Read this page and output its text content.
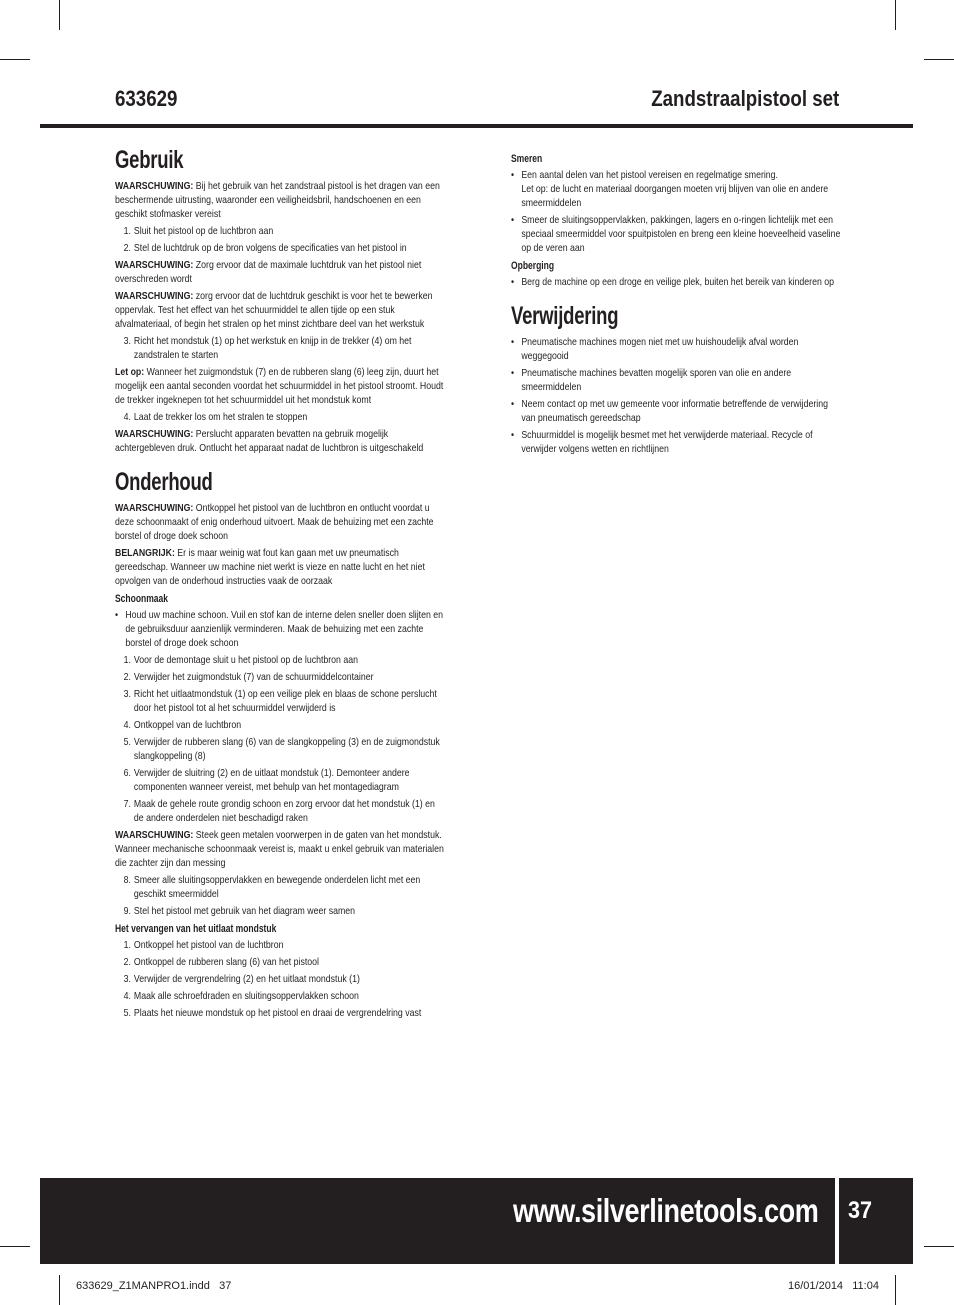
633629	Zandstraalpistool set
Gebruik

WAARSCHUWING: Bij het gebruik van het zandstraal pistool is het dragen van een beschermende uitrusting, waaronder een veiligheidsbril, handschoenen en een geschikt stofmasker vereist

1. Sluit het pistool op de luchtbron aan
2. Stel de luchtdruk op de bron volgens de specificaties van het pistool in

WAARSCHUWING: Zorg ervoor dat de maximale luchtdruk van het pistool niet overschreden wordt

WAARSCHUWING: zorg ervoor dat de luchtdruk geschikt is voor het te bewerken oppervlak. Test het effect van het schuurmiddel te allen tijde op een stuk afvalmateriaal, of begin het stralen op het minst zichtbare deel van het werkstuk

3. Richt het mondstuk (1) op het werkstuk en knijp in de trekker (4) om het zandstralen te starten

Let op: Wanneer het zuigmondstuk (7) en de rubberen slang (6) leeg zijn, duurt het mogelijk een aantal seconden voordat het schuurmiddel in het pistool stroomt. Houdt de trekker ingeknepen tot het schuurmiddel uit het mondstuk komt

4. Laat de trekker los om het stralen te stoppen

WAARSCHUWING: Perslucht apparaten bevatten na gebruik mogelijk achtergebleven druk. Ontlucht het apparaat nadat de luchtbron is uitgeschakeld

Onderhoud

WAARSCHUWING: Ontkoppel het pistool van de luchtbron en ontlucht voordat u deze schoonmaakt of enig onderhoud uitvoert. Maak de behuizing met een zachte borstel of droge doek schoon

BELANGRIJK: Er is maar weinig wat fout kan gaan met uw pneumatisch gereedschap. Wanneer uw machine niet werkt is vieze en natte lucht en het niet opvolgen van de onderhoud instructies vaak de oorzaak

Schoonmaak
• Houd uw machine schoon. Vuil en stof kan de interne delen sneller doen slijten en de gebruiksduur aanzienlijk verminderen. Maak de behuizing met een zachte borstel of droge doek schoon
1. Voor de demontage sluit u het pistool op de luchtbron aan
2. Verwijder het zuigmondstuk (7) van de schuurmiddelcontainer
3. Richt het uitlaatmondstuk (1) op een veilige plek en blaas de schone perslucht door het pistool tot al het schuurmiddel verwijderd is
4. Ontkoppel van de luchtbron
5. Verwijder de rubberen slang (6) van de slangkoppeling (3) en de zuigmondstuk slangkoppeling (8)
6. Verwijder de sluitring (2) en de uitlaat mondstuk (1). Demonteer andere componenten wanneer vereist, met behulp van het montagediagram
7. Maak de gehele route grondig schoon en zorg ervoor dat het mondstuk (1) en de andere onderdelen niet beschadigd raken

WAARSCHUWING: Steek geen metalen voorwerpen in de gaten van het mondstuk. Wanneer mechanische schoonmaak vereist is, maakt u enkel gebruik van materialen die zachter zijn dan messing

8. Smeer alle sluitingsoppervlakken en bewegende onderdelen licht met een geschikt smeermiddel
9. Stel het pistool met gebruik van het diagram weer samen
Het vervangen van het uitlaat mondstuk
1. Ontkoppel het pistool van de luchtbron
2. Ontkoppel de rubberen slang (6) van het pistool
3. Verwijder de vergrendelring (2) en het uitlaat mondstuk (1)
4. Maak alle schroefdraden en sluitingsoppervlakken schoon
5. Plaats het nieuwe mondstuk op het pistool en draai de vergrendelring vast
Smeren
• Een aantal delen van het pistool vereisen en regelmatige smering.
Let op: de lucht en materiaal doorgangen moeten vrij blijven van olie en andere smeermiddelen
• Smeer de sluitingsoppervlakken, pakkingen, lagers en o-ringen lichtelijk met een speciaal smeermiddel voor spuitpistolen en breng een kleine hoeveelheid vaseline op de veren aan
Opberging
• Berg de machine op een droge en veilige plek, buiten het bereik van kinderen op
Verwijdering
• Pneumatische machines mogen niet met uw huishoudelijk afval worden weggegooid
• Pneumatische machines bevatten mogelijk sporen van olie en andere smeermiddelen
• Neem contact op met uw gemeente voor informatie betreffende de verwijdering van pneumatisch gereedschap
• Schuurmiddel is mogelijk besmet met het verwijderde materiaal. Recycle of verwijder volgens wetten en richtlijnen
www.silverlinetools.com 37
633629_Z1MANPRO1.indd   37	16/01/2014   11:04
